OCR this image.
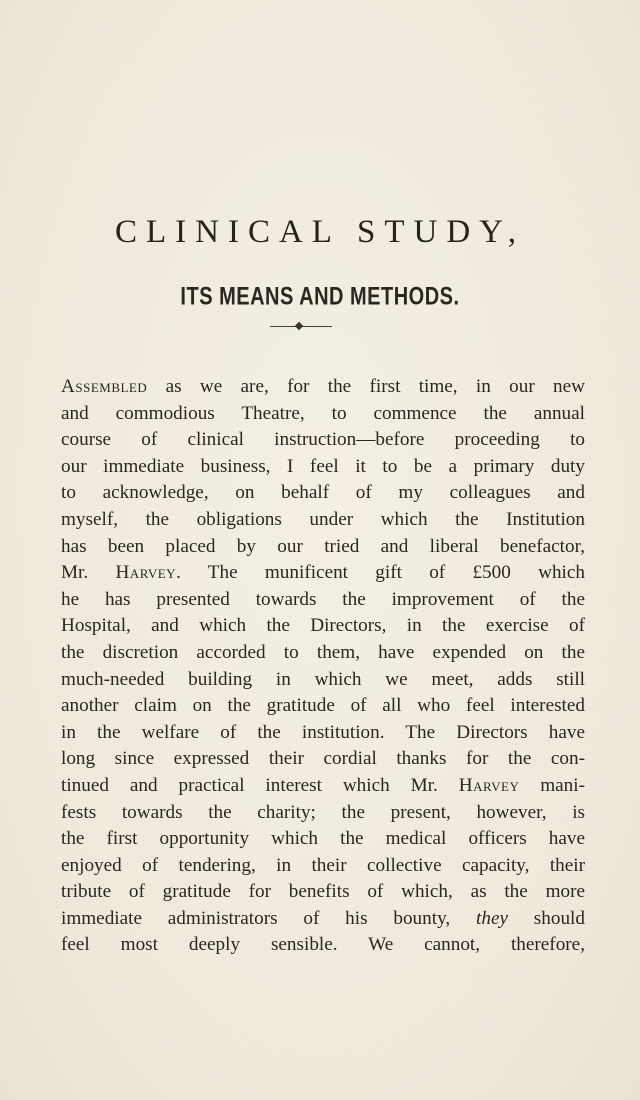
CLINICAL STUDY,
ITS MEANS AND METHODS.

Assembled as we are, for the first time, in our new
and commodious Theatre, to commence the annual
course of clinical instruction—before proceeding to
our immediate business, I feel it to be a primary duty
to acknowledge, on behalf of my colleagues and
myself, the obligations under which the Institution
has been placed by our tried and liberal benefactor,
Mr. Harvey. The munificent gift of £500 which
he has presented towards the improvement of the
Hospital, and which the Directors, in the exercise of
the discretion accorded to them, have expended on the
much-needed building in which we meet, adds still
another claim on the gratitude of all who feel interested
in the welfare of the institution. The Directors have
long since expressed their cordial thanks for the con-
tinued and practical interest which Mr. Harvey mani-
fests towards the charity; the present, however, is
the first opportunity which the medical officers have
enjoyed of tendering, in their collective capacity, their
tribute of gratitude for benefits of which, as the more
immediate administrators of his bounty, they should
feel most deeply sensible. We cannot, therefore,
